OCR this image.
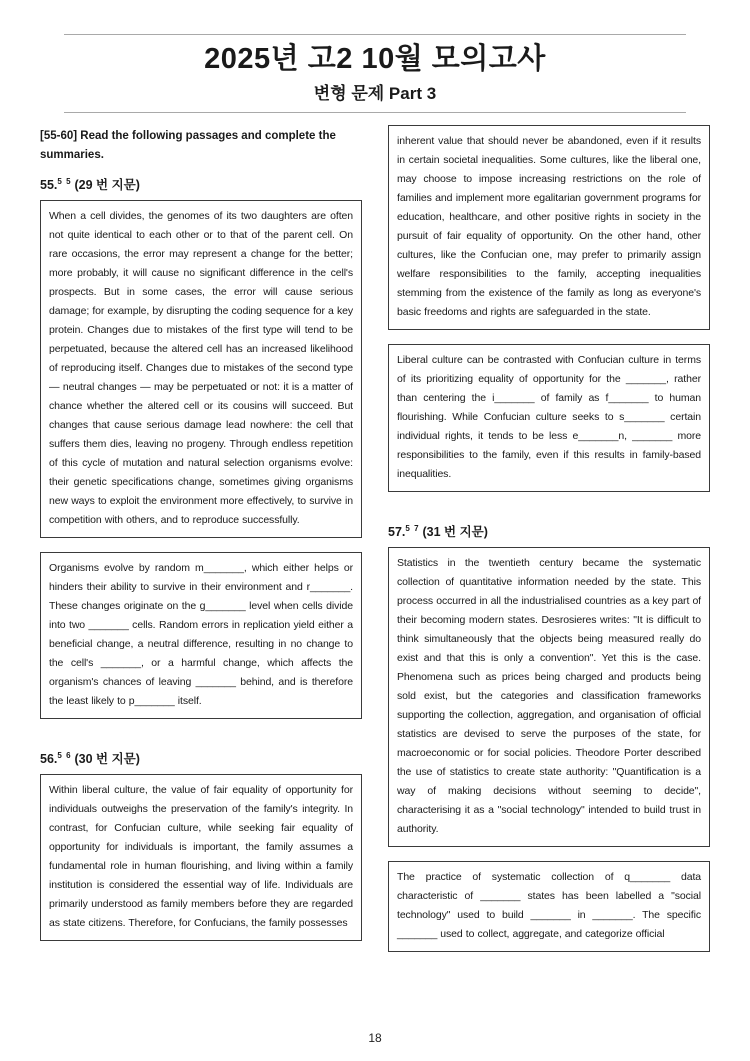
2025년 고2 10월 모의고사
변형 문제 Part 3

[55-60] Read the following passages and complete the summaries.

55.$^{5 5}$ (29 번 지문)

When a cell divides, the genomes of its two daughters are often not quite identical to each other or to that of the parent cell. On rare occasions, the error may represent a change for the better; more probably, it will cause no significant difference in the cell's prospects. But in some cases, the error will cause serious damage; for example, by disrupting the coding sequence for a key protein. Changes due to mistakes of the first type will tend to be perpetuated, because the altered cell has an increased likelihood of reproducing itself. Changes due to mistakes of the second type — neutral changes — may be perpetuated or not: it is a matter of chance whether the altered cell or its cousins will succeed. But changes that cause serious damage lead nowhere: the cell that suffers them dies, leaving no progeny. Through endless repetition of this cycle of mutation and natural selection organisms evolve: their genetic specifications change, sometimes giving organisms new ways to exploit the environment more effectively, to survive in competition with others, and to reproduce successfully.

Organisms evolve by random m_______, which either helps or hinders their ability to survive in their environment and r_______. These changes originate on the g_______ level when cells divide into two _______ cells. Random errors in replication yield either a beneficial change, a neutral difference, resulting in no change to the cell's _______, or a harmful change, which affects the organism's chances of leaving _______ behind, and is therefore the least likely to p_______ itself.

56.$^{5 6}$ (30 번 지문)

Within liberal culture, the value of fair equality of opportunity for individuals outweighs the preservation of the family's integrity. In contrast, for Confucian culture, while seeking fair equality of opportunity for individuals is important, the family assumes a fundamental role in human flourishing, and living within a family institution is considered the essential way of life. Individuals are primarily understood as family members before they are regarded as state citizens. Therefore, for Confucians, the family possesses

inherent value that should never be abandoned, even if it results in certain societal inequalities. Some cultures, like the liberal one, may choose to impose increasing restrictions on the role of families and implement more egalitarian government programs for education, healthcare, and other positive rights in society in the pursuit of fair equality of opportunity. On the other hand, other cultures, like the Confucian one, may prefer to primarily assign welfare responsibilities to the family, accepting inequalities stemming from the existence of the family as long as everyone's basic freedoms and rights are safeguarded in the state.

Liberal culture can be contrasted with Confucian culture in terms of its prioritizing equality of opportunity for the _______, rather than centering the i_______ of family as f_______ to human flourishing. While Confucian culture seeks to s_______ certain individual rights, it tends to be less e_______n, _______ more responsibilities to the family, even if this results in family-based inequalities.

57.$^{5 7}$ (31 번 지문)

Statistics in the twentieth century became the systematic collection of quantitative information needed by the state. This process occurred in all the industrialised countries as a key part of their becoming modern states. Desrosieres writes: "It is difficult to think simultaneously that the objects being measured really do exist and that this is only a convention". Yet this is the case. Phenomena such as prices being charged and products being sold exist, but the categories and classification frameworks supporting the collection, aggregation, and organisation of official statistics are devised to serve the purposes of the state, for macroeconomic or for social policies. Theodore Porter described the use of statistics to create state authority: "Quantification is a way of making decisions without seeming to decide", characterising it as a "social technology" intended to build trust in authority.

The practice of systematic collection of q_______ data characteristic of _______ states has been labelled a "social technology" used to build _______ in _______. The specific _______ used to collect, aggregate, and categorize official

18
